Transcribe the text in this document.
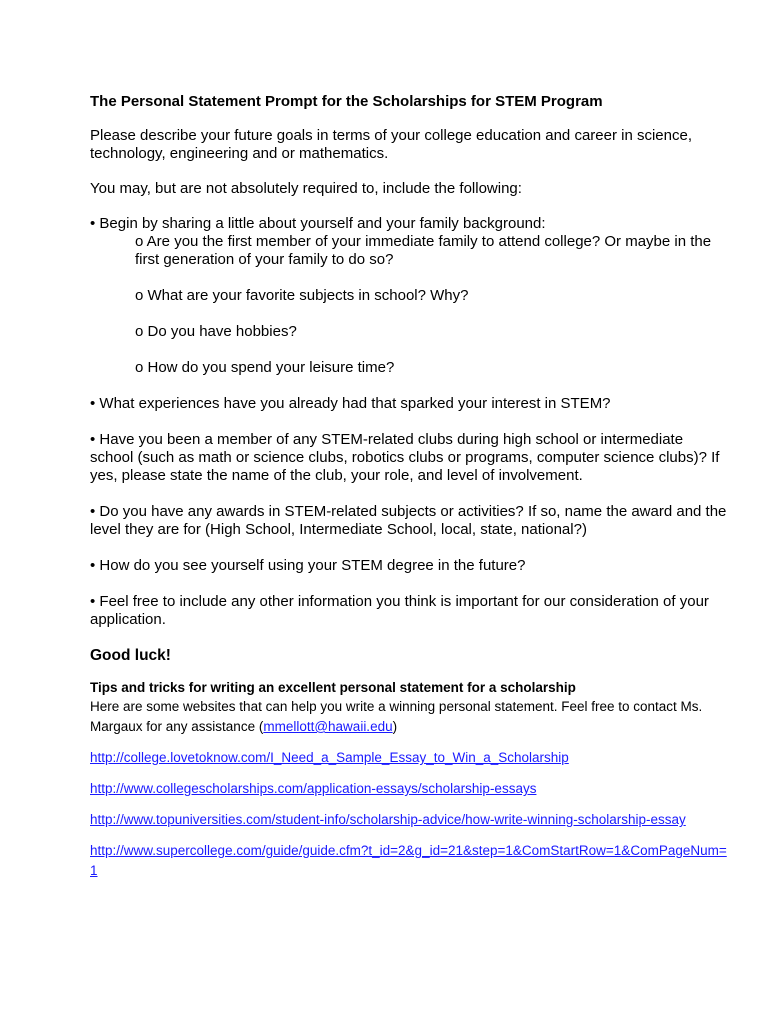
The Personal Statement Prompt for the Scholarships for STEM Program

Please describe your future goals in terms of your college education and career in science, technology, engineering and or mathematics.

You may, but are not absolutely required to, include the following:

• Begin by sharing a little about yourself and your family background:

o Are you the first member of your immediate family to attend college? Or maybe in the first generation of your family to do so?

o What are your favorite subjects in school? Why?

o Do you have hobbies?

o How do you spend your leisure time?

• What experiences have you already had that sparked your interest in STEM?

• Have you been a member of any STEM-related clubs during high school or intermediate school (such as math or science clubs, robotics clubs or programs, computer science clubs)? If yes, please state the name of the club, your role, and level of involvement.

• Do you have any awards in STEM-related subjects or activities? If so, name the award and the level they are for (High School, Intermediate School, local, state, national?)

• How do you see yourself using your STEM degree in the future?

• Feel free to include any other information you think is important for our consideration of your application.

Good luck!

Tips and tricks for writing an excellent personal statement for a scholarship

Here are some websites that can help you write a winning personal statement. Feel free to contact Ms. Margaux for any assistance (mmellott@hawaii.edu)

http://college.lovetoknow.com/I_Need_a_Sample_Essay_to_Win_a_Scholarship
http://www.collegescholarships.com/application-essays/scholarship-essays
http://www.topuniversities.com/student-info/scholarship-advice/how-write-winning-scholarship-essay
http://www.supercollege.com/guide/guide.cfm?t_id=2&g_id=21&step=1&ComStartRow=1&ComPageNum=1
